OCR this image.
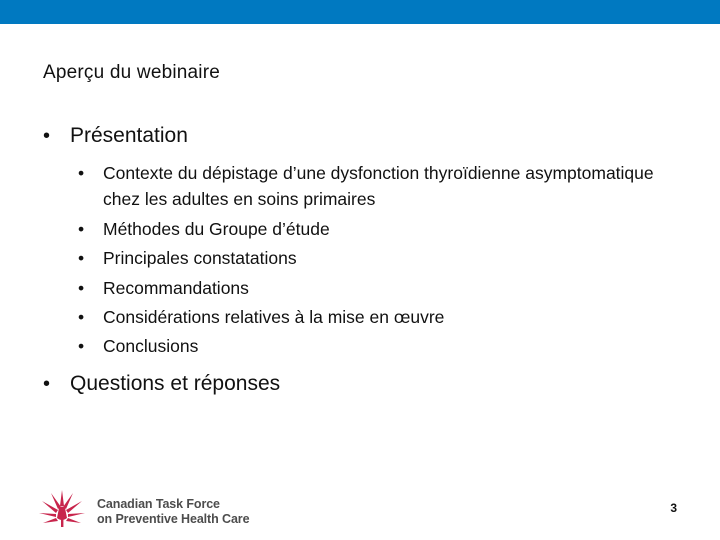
Aperçu du webinaire
• Présentation
•	Contexte du dépistage d’une dysfonction thyroïdienne asymptomatique chez les adultes en soins primaires
•	Méthodes du Groupe d’étude
•	Principales constatations
•	Recommandations
•	Considérations relatives à la mise en œuvre
•	Conclusions
• Questions et réponses
Canadian Task Force
on Preventive Health Care
3
